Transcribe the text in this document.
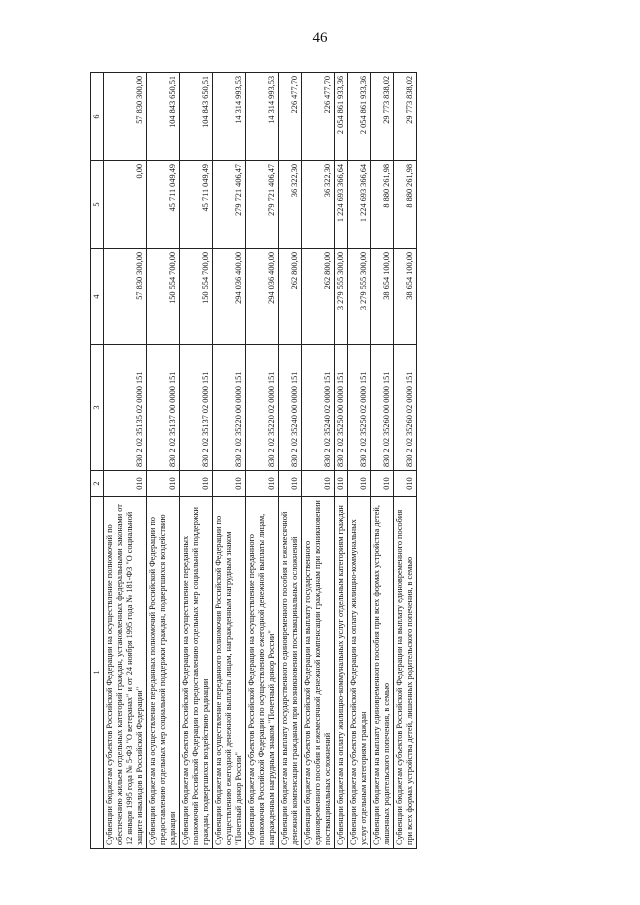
46
1	2	3	4	5	6
Субвенции бюджетам субъектов Российской Федерации на осуществление полномочий по обеспечению жильем отдельных категорий граждан, установленных федеральными законами от 12 января 1995 года № 5-ФЗ "О ветеранах" и от 24 ноября 1995 года № 181-ФЗ "О социальной защите инвалидов в Российской Федерации"	010	830 2 02 35135 02 0000 151	57 830 300,00	0,00	57 830 300,00
Субвенции бюджетам на осуществление переданных полномочий Российской Федерации по предоставлению отдельных мер социальной поддержки граждан, подвергшихся воздействию радиации	010	830 2 02 35137 00 0000 151	150 554 700,00	45 711 049,49	104 843 650,51
Субвенции бюджетам субъектов Российской Федерации на осуществление переданных полномочий Российской Федерации по предоставлению отдельных мер социальной поддержки граждан, подвергшихся воздействию радиации	010	830 2 02 35137 02 0000 151	150 554 700,00	45 711 049,49	104 843 650,51
Субвенции бюджетам на осуществление переданного полномочия Российской Федерации по осуществлению ежегодной денежной выплаты лицам, награжденным нагрудным знаком "Почетный донор России"	010	830 2 02 35220 00 0000 151	294 036 400,00	279 721 406,47	14 314 993,53
Субвенции бюджетам субъектов Российской Федерации на осуществление переданного полномочия Российской Федерации по осуществлению ежегодной денежной выплаты лицам, награжденным нагрудным знаком "Почетный донор России"	010	830 2 02 35220 02 0000 151	294 036 400,00	279 721 406,47	14 314 993,53
Субвенции бюджетам на выплату государственного единовременного пособия и ежемесячной денежной компенсации гражданам при возникновении поствакцинальных осложнений	010	830 2 02 35240 00 0000 151	262 800,00	36 322,30	226 477,70
Субвенции бюджетам субъектов Российской Федерации на выплату государственного единовременного пособия и ежемесячной денежной компенсации гражданам при возникновении поствакцинальных осложнений	010	830 2 02 35240 02 0000 151	262 800,00	36 322,30	226 477,70
Субвенции бюджетам на оплату жилищно-коммунальных услуг отдельным категориям граждан	010	830 2 02 35250 00 0000 151	3 279 555 300,00	1 224 693 366,64	2 054 861 933,36
Субвенции бюджетам субъектов Российской Федерации на оплату жилищно-коммунальных услуг отдельным категориям граждан	010	830 2 02 35250 02 0000 151	3 279 555 300,00	1 224 693 366,64	2 054 861 933,36
Субвенции бюджетам на выплату единовременного пособия при всех формах устройства детей, лишенных родительского попечения, в семью	010	830 2 02 35260 00 0000 151	38 654 100,00	8 880 261,98	29 773 838,02
Субвенции бюджетам субъектов Российской Федерации на выплату единовременного пособия при всех формах устройства детей, лишенных родительского попечения, в семью	010	830 2 02 35260 02 0000 151	38 654 100,00	8 880 261,98	29 773 838,02
